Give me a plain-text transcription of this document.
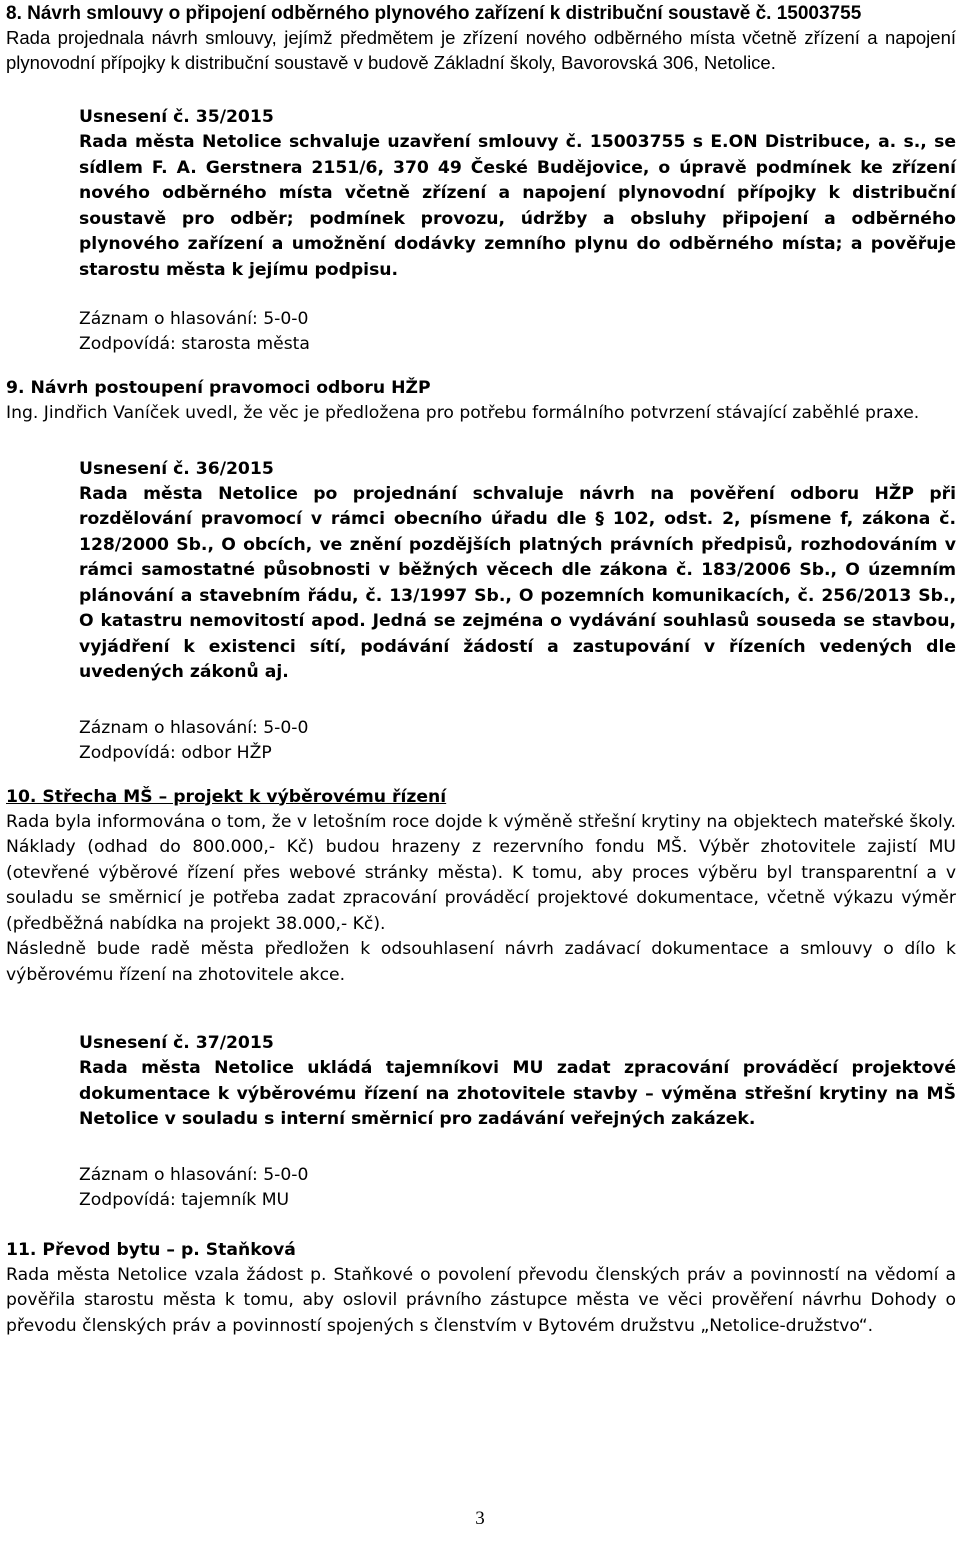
8. Návrh smlouvy o připojení odběrného plynového zařízení k distribuční soustavě č. 15003755

Rada projednala návrh smlouvy, jejímž předmětem je zřízení nového odběrného místa včetně zřízení a napojení plynovodní přípojky k distribuční soustavě v budově Základní školy, Bavorovská 306, Netolice.

Usnesení č. 35/2015

Rada města Netolice schvaluje uzavření smlouvy č. 15003755 s E.ON Distribuce, a. s., se sídlem F. A. Gerstnera 2151/6, 370 49 České Budějovice, o úpravě podmínek ke zřízení nového odběrného místa včetně zřízení a napojení plynovodní přípojky k distribuční soustavě pro odběr; podmínek provozu, údržby a obsluhy připojení a odběrného plynového zařízení a umožnění dodávky zemního plynu do odběrného místa; a pověřuje starostu města k jejímu podpisu.

Záznam o hlasování: 5-0-0

Zodpovídá: starosta města

9. Návrh postoupení pravomoci odboru HŽP

Ing. Jindřich Vaníček uvedl, že věc je předložena pro potřebu formálního potvrzení stávající zaběhlé praxe.

Usnesení č. 36/2015

Rada města Netolice po projednání schvaluje návrh na pověření odboru HŽP při rozdělování pravomocí v rámci obecního úřadu dle § 102, odst. 2, písmene f, zákona č. 128/2000 Sb., O obcích, ve znění pozdějších platných právních předpisů, rozhodováním v rámci samostatné působnosti v běžných věcech dle zákona č. 183/2006 Sb., O územním plánování a stavebním řádu, č. 13/1997 Sb., O pozemních komunikacích, č. 256/2013 Sb., O katastru nemovitostí apod. Jedná se zejména o vydávání souhlasů souseda se stavbou, vyjádření k existenci sítí, podávání žádostí a zastupování v řízeních vedených dle uvedených zákonů aj.

Záznam o hlasování: 5-0-0

Zodpovídá: odbor HŽP

10. Střecha MŠ – projekt k výběrovému řízení

Rada byla informována o tom, že v letošním roce dojde k výměně střešní krytiny na objektech mateřské školy. Náklady (odhad do 800.000,- Kč) budou hrazeny z rezervního fondu MŠ. Výběr zhotovitele zajistí MU (otevřené výběrové řízení přes webové stránky města). K tomu, aby proces výběru byl transparentní a v souladu se směrnicí je potřeba zadat zpracování prováděcí projektové dokumentace, včetně výkazu výměr (předběžná nabídka na projekt 38.000,- Kč).

Následně bude radě města předložen k odsouhlasení návrh zadávací dokumentace a smlouvy o dílo k výběrovému řízení na zhotovitele akce.

Usnesení č. 37/2015

Rada města Netolice ukládá tajemníkovi MU zadat zpracování prováděcí projektové dokumentace k výběrovému řízení na zhotovitele stavby – výměna střešní krytiny na MŠ Netolice v souladu s interní směrnicí pro zadávání veřejných zakázek.

Záznam o hlasování: 5-0-0

Zodpovídá: tajemník MU

11. Převod bytu – p. Staňková

Rada města Netolice vzala žádost p. Staňkové o povolení převodu členských práv a povinností na vědomí a pověřila starostu města k tomu, aby oslovil právního zástupce města ve věci prověření návrhu Dohody o převodu členských práv a povinností spojených s členstvím v Bytovém družstvu „Netolice-družstvo“.

3
